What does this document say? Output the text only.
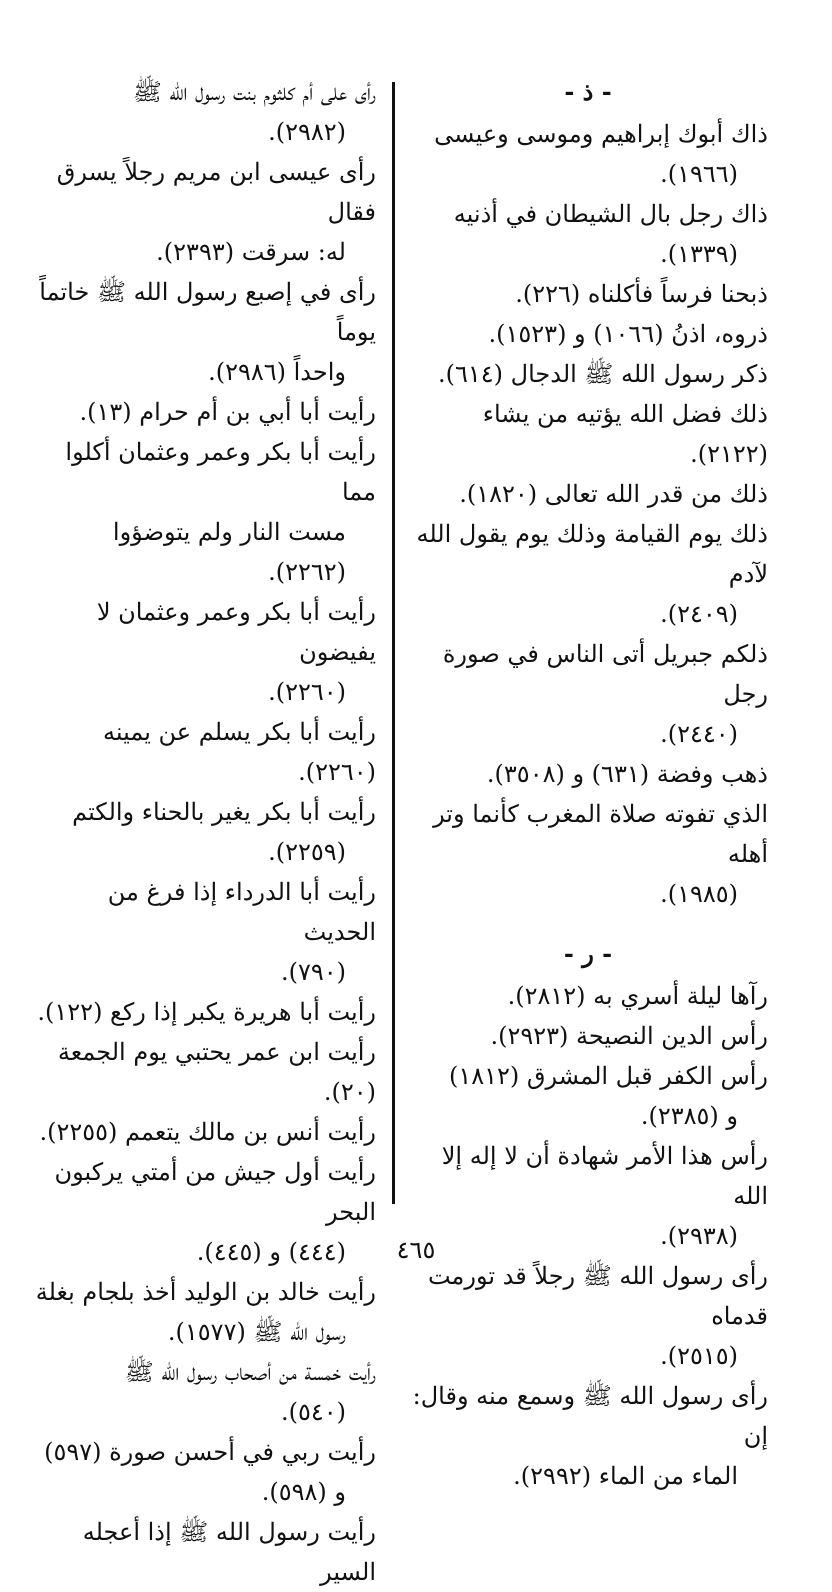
- ذ -
ذاك أبوك إبراهيم وموسى وعيسى
(١٩٦٦).
ذاك رجل بال الشيطان في أذنيه
(١٣٣٩).
ذبحنا فرساً فأكلناه (٢٢٦).
ذروه، اذنُ (١٠٦٦) و (١٥٢٣).
ذكر رسول الله ﷺ الدجال (٦١٤).
ذلك فضل الله يؤتيه من يشاء (٢١٢٢).
ذلك من قدر الله تعالى (١٨٢٠).
ذلك يوم القيامة وذلك يوم يقول الله لآدم
(٢٤٠٩).
ذلكم جبريل أتى الناس في صورة رجل
(٢٤٤٠).
ذهب وفضة (٦٣١) و (٣٥٠٨).
الذي تفوته صلاة المغرب كأنما وتر أهله
(١٩٨٥).
- ر -
رآها ليلة أسري به (٢٨١٢).
رأس الدين النصيحة (٢٩٢٣).
رأس الكفر قبل المشرق (١٨١٢)
و (٢٣٨٥).
رأس هذا الأمر شهادة أن لا إله إلا الله
(٢٩٣٨).
رأى رسول الله ﷺ رجلاً قد تورمت قدماه
(٢٥١٥).
رأى رسول الله ﷺ وسمع منه وقال: إن
الماء من الماء (٢٩٩٢).
رأى على أم كلثوم بنت رسول الله ﷺ
(٢٩٨٢).
رأى عيسى ابن مريم رجلاً يسرق فقال
له: سرقت (٢٣٩٣).
رأى في إصبع رسول الله ﷺ خاتماً يوماً
واحداً (٢٩٨٦).
رأيت أبا أبي بن أم حرام (١٣).
رأيت أبا بكر وعمر وعثمان أكلوا مما
مست النار ولم يتوضؤوا (٢٢٦٢).
رأيت أبا بكر وعمر وعثمان لا يفيضون
(٢٢٦٠).
رأيت أبا بكر يسلم عن يمينه (٢٢٦٠).
رأيت أبا بكر يغير بالحناء والكتم
(٢٢٥٩).
رأيت أبا الدرداء إذا فرغ من الحديث
(٧٩٠).
رأيت أبا هريرة يكبر إذا ركع (١٢٢).
رأيت ابن عمر يحتبي يوم الجمعة (٢٠).
رأيت أنس بن مالك يتعمم (٢٢٥٥).
رأيت أول جيش من أمتي يركبون البحر
(٤٤٤) و (٤٤٥).
رأيت خالد بن الوليد أخذ بلجام بغلة
رسول الله ﷺ (١٥٧٧).
رأيت خمسة من أصحاب رسول الله ﷺ
(٥٤٠).
رأيت ربي في أحسن صورة (٥٩٧)
و (٥٩٨).
رأيت رسول الله ﷺ إذا أعجله السير
٤٦٥
